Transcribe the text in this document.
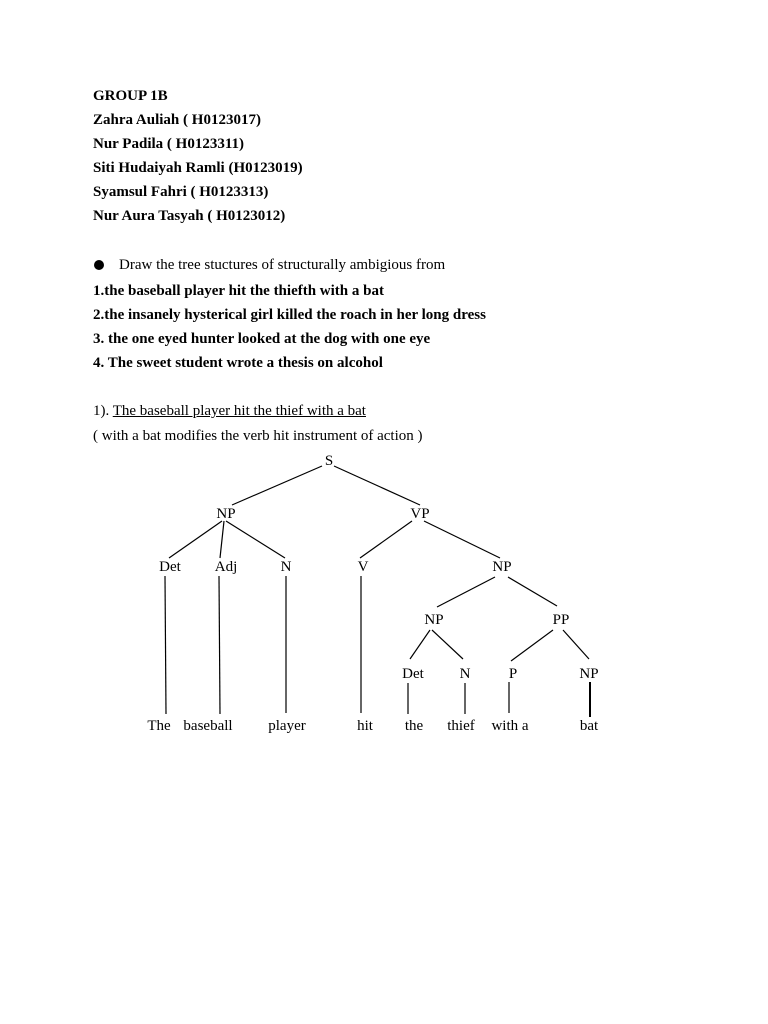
GROUP 1B
Zahra Auliah ( H0123017)
Nur Padila ( H0123311)
Siti Hudaiyah Ramli (H0123019)
Syamsul Fahri ( H0123313)
Nur Aura Tasyah ( H0123012)
Draw the tree stuctures of structurally ambigious from
1.the baseball player hit the thiefth with a bat
2.the insanely hysterical girl killed the roach in her long dress
3. the one eyed hunter looked at the dog with one eye
4. The sweet student wrote a thesis on alcohol
1). The baseball player hit the thief with a bat
( with a bat modifies the verb hit instrument of action )
S
NP	VP
Det Adj	N	V	NP
NP	PP
Det N	P	NP
The baseball player	hit the thief with a	bat
